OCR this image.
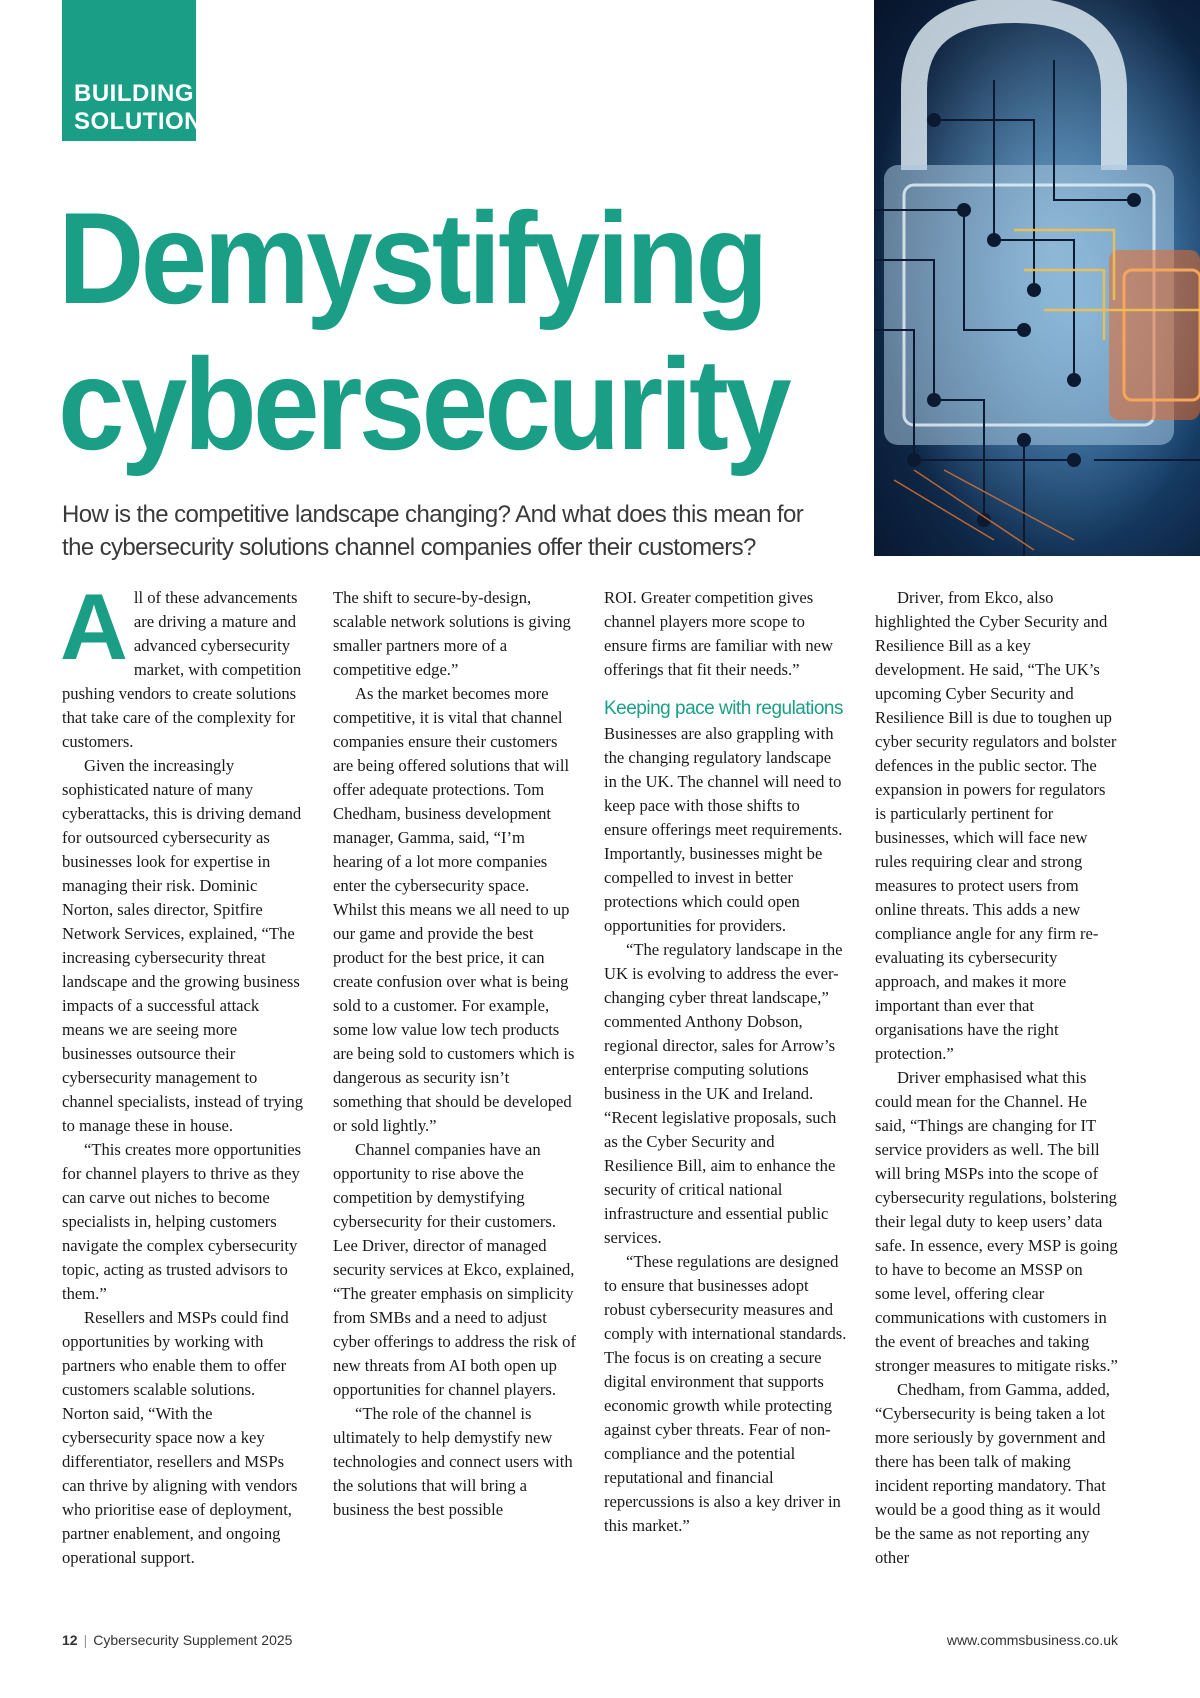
BUILDING
SOLUTIONS
Demystifying
cybersecurity
How is the competitive landscape changing? And what does this mean for the cybersecurity solutions channel companies offer their customers?

All of these advancements are driving a mature and advanced cybersecurity market, with competition pushing vendors to create solutions that take care of the complexity for customers.

Given the increasingly sophisticated nature of many cyberattacks, this is driving demand for outsourced cybersecurity as businesses look for expertise in managing their risk. Dominic Norton, sales director, Spitfire Network Services, explained, “The increasing cybersecurity threat landscape and the growing business impacts of a successful attack means we are seeing more businesses outsource their cybersecurity management to channel specialists, instead of trying to manage these in house.

“This creates more opportunities for channel players to thrive as they can carve out niches to become specialists in, helping customers navigate the complex cybersecurity topic, acting as trusted advisors to them.”

Resellers and MSPs could find opportunities by working with partners who enable them to offer customers scalable solutions. Norton said, “With the cybersecurity space now a key differentiator, resellers and MSPs can thrive by aligning with vendors who prioritise ease of deployment, partner enablement, and ongoing operational support.

The shift to secure-by-design, scalable network solutions is giving smaller partners more of a competitive edge.”

As the market becomes more competitive, it is vital that channel companies ensure their customers are being offered solutions that will offer adequate protections. Tom Chedham, business development manager, Gamma, said, “I’m hearing of a lot more companies enter the cybersecurity space. Whilst this means we all need to up our game and provide the best product for the best price, it can create confusion over what is being sold to a customer. For example, some low value low tech products are being sold to customers which is dangerous as security isn’t something that should be developed or sold lightly.”

Channel companies have an opportunity to rise above the competition by demystifying cybersecurity for their customers. Lee Driver, director of managed security services at Ekco, explained, “The greater emphasis on simplicity from SMBs and a need to adjust cyber offerings to address the risk of new threats from AI both open up opportunities for channel players.

“The role of the channel is ultimately to help demystify new technologies and connect users with the solutions that will bring a business the best possible

ROI. Greater competition gives channel players more scope to ensure firms are familiar with new offerings that fit their needs.”

Keeping pace with regulations

Businesses are also grappling with the changing regulatory landscape in the UK. The channel will need to keep pace with those shifts to ensure offerings meet requirements. Importantly, businesses might be compelled to invest in better protections which could open opportunities for providers.

“The regulatory landscape in the UK is evolving to address the ever-changing cyber threat landscape,” commented Anthony Dobson, regional director, sales for Arrow’s enterprise computing solutions business in the UK and Ireland. “Recent legislative proposals, such as the Cyber Security and Resilience Bill, aim to enhance the security of critical national infrastructure and essential public services.

“These regulations are designed to ensure that businesses adopt robust cybersecurity measures and comply with international standards. The focus is on creating a secure digital environment that supports economic growth while protecting against cyber threats. Fear of non-compliance and the potential reputational and financial repercussions is also a key driver in this market.”

Driver, from Ekco, also highlighted the Cyber Security and Resilience Bill as a key development. He said, “The UK’s upcoming Cyber Security and Resilience Bill is due to toughen up cyber security regulators and bolster defences in the public sector. The expansion in powers for regulators is particularly pertinent for businesses, which will face new rules requiring clear and strong measures to protect users from online threats. This adds a new compliance angle for any firm re-evaluating its cybersecurity approach, and makes it more important than ever that organisations have the right protection.”

Driver emphasised what this could mean for the Channel. He said, “Things are changing for IT service providers as well. The bill will bring MSPs into the scope of cybersecurity regulations, bolstering their legal duty to keep users’ data safe. In essence, every MSP is going to have to become an MSSP on some level, offering clear communications with customers in the event of breaches and taking stronger measures to mitigate risks.”

Chedham, from Gamma, added, “Cybersecurity is being taken a lot more seriously by government and there has been talk of making incident reporting mandatory. That would be a good thing as it would be the same as not reporting any other

12 | Cybersecurity Supplement 2025	www.commsbusiness.co.uk
